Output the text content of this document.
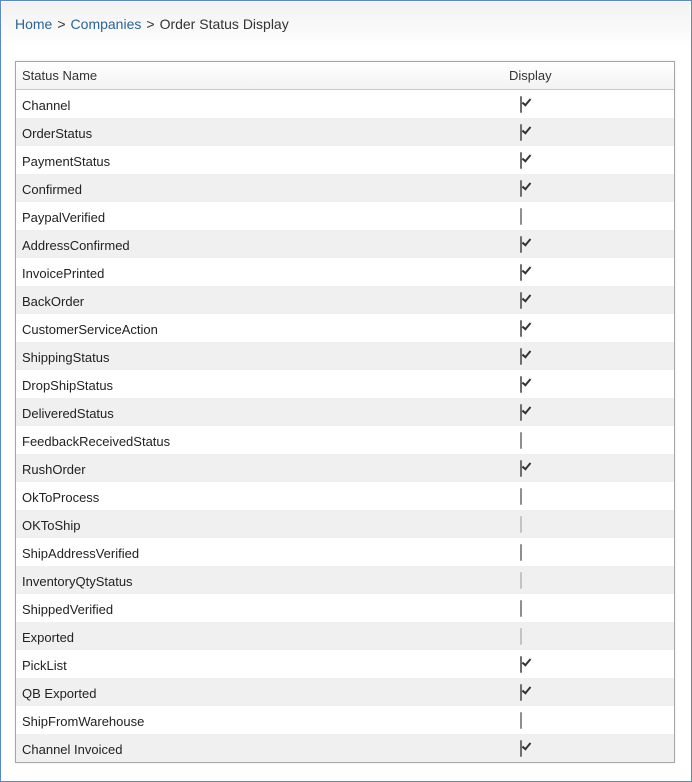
Home > Companies > Order Status Display
Status Name	Display
Channel
OrderStatus
PaymentStatus
Confirmed
PaypalVerified
AddressConfirmed
InvoicePrinted
BackOrder
CustomerServiceAction
ShippingStatus
DropShipStatus
DeliveredStatus
FeedbackReceivedStatus
RushOrder
OkToProcess
OKToShip
ShipAddressVerified
InventoryQtyStatus
ShippedVerified
Exported
PickList
QB Exported
ShipFromWarehouse
Channel Invoiced
